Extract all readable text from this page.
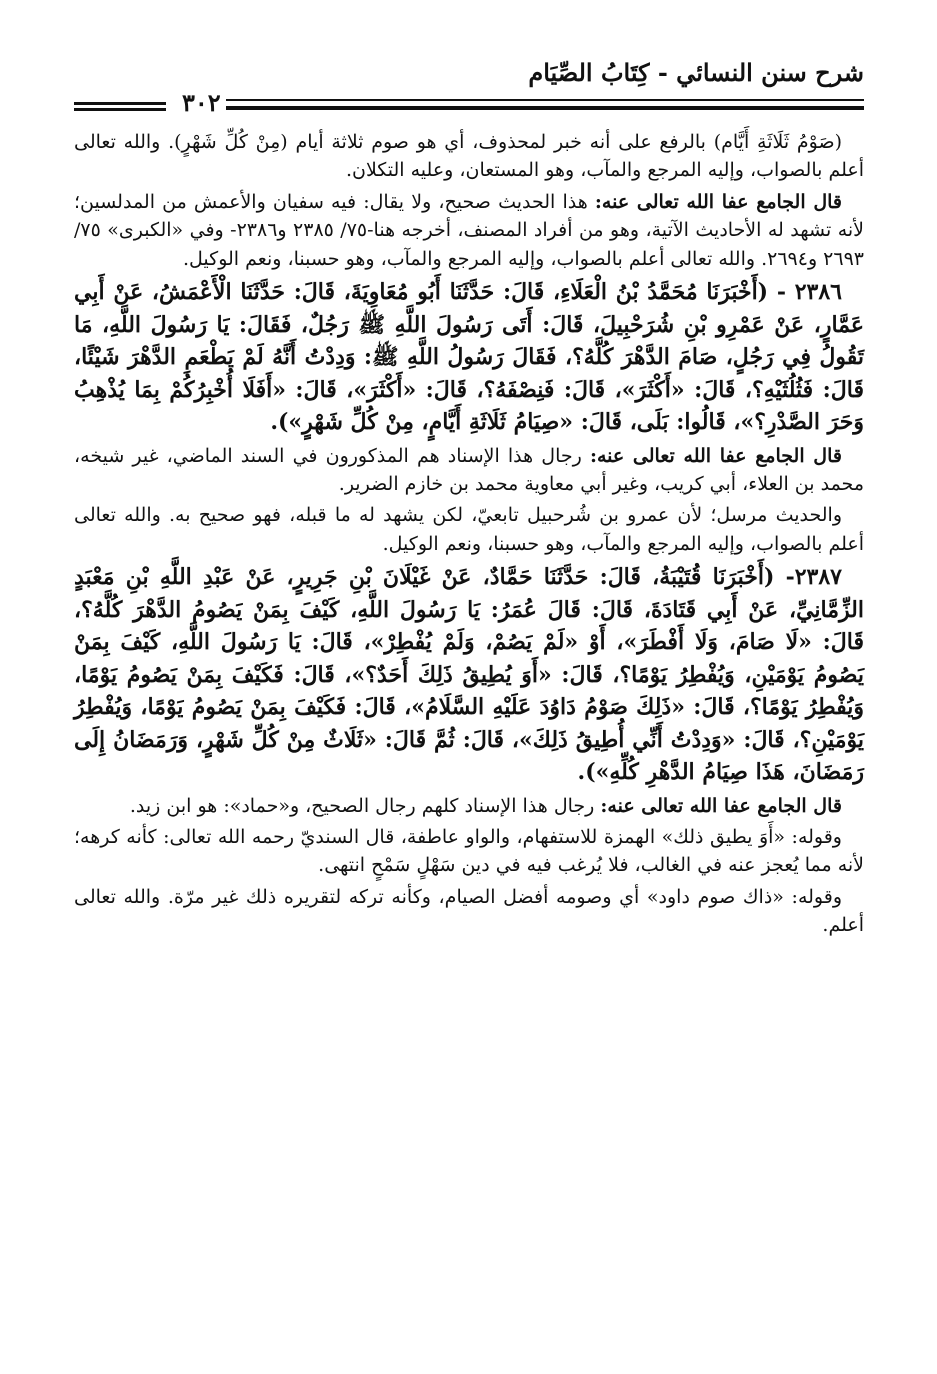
شرح سنن النسائي - كِتَابُ الصِّيَام
٣٠٢

(صَوْمُ ثَلَاثَةِ أَيَّام) بالرفع على أنه خبر لمحذوف، أي هو صوم ثلاثة أيام (مِنْ كُلِّ شَهْرٍ). والله تعالى أعلم بالصواب، وإليه المرجع والمآب، وهو المستعان، وعليه التكلان.

قال الجامع عفا الله تعالى عنه: هذا الحديث صحيح، ولا يقال: فيه سفيان والأعمش من المدلسين؛ لأنه تشهد له الأحاديث الآتية، وهو من أفراد المصنف، أخرجه هنا-٧٥/ ٢٣٨٥ و٢٣٨٦- وفي «الكبرى» ٧٥/ ٢٦٩٣ و٢٦٩٤. والله تعالى أعلم بالصواب، وإليه المرجع والمآب، وهو حسبنا، ونعم الوكيل.

٢٣٨٦ - (أَخْبَرَنَا مُحَمَّدُ بْنُ الْعَلَاءِ، قَالَ: حَدَّثَنَا أَبُو مُعَاوِيَةَ، قَالَ: حَدَّثَنَا الْأَعْمَشُ، عَنْ أَبِي عَمَّارٍ، عَنْ عَمْرِو بْنِ شُرَحْبِيلَ، قَالَ: أَتَى رَسُولَ اللَّهِ ﷺ رَجُلٌ، فَقَالَ: يَا رَسُولَ اللَّهِ، مَا تَقُولُ فِي رَجُلٍ، صَامَ الدَّهْرَ كُلَّهُ؟، فَقَالَ رَسُولُ اللَّهِ ﷺ: وَدِدْتُ أَنَّهُ لَمْ يَطْعَمِ الدَّهْرَ شَيْئًا، قَالَ: فَثُلُثَيْهِ؟، قَالَ: «أَكْثَرَ»، قَالَ: فَنِصْفَهُ؟، قَالَ: «أَكْثَرَ»، قَالَ: «أَفَلَا أُخْبِرُكُمْ بِمَا يُذْهِبُ وَحَرَ الصَّدْرِ؟»، قَالُوا: بَلَى، قَالَ: «صِيَامُ ثَلَاثَةِ أَيَّامٍ، مِنْ كُلِّ شَهْرٍ»).

قال الجامع عفا الله تعالى عنه: رجال هذا الإسناد هم المذكورون في السند الماضي، غير شيخه، محمد بن العلاء، أبي كريب، وغير أبي معاوية محمد بن خازم الضرير.

والحديث مرسل؛ لأن عمرو بن شُرحبيل تابعيّ، لكن يشهد له ما قبله، فهو صحيح به. والله تعالى أعلم بالصواب، وإليه المرجع والمآب، وهو حسبنا، ونعم الوكيل.

٢٣٨٧- (أَخْبَرَنَا قُتَيْبَةُ، قَالَ: حَدَّثَنَا حَمَّادٌ، عَنْ غَيْلَانَ بْنِ جَرِيرٍ، عَنْ عَبْدِ اللَّهِ بْنِ مَعْبَدٍ الزِّمَّانِيِّ، عَنْ أَبِي قَتَادَةَ، قَالَ: قَالَ عُمَرُ: يَا رَسُولَ اللَّهِ، كَيْفَ بِمَنْ يَصُومُ الدَّهْرَ كُلَّهُ؟، قَالَ: «لَا صَامَ، وَلَا أَفْطَرَ»، أَوْ «لَمْ يَصُمْ، وَلَمْ يُفْطِرْ»، قَالَ: يَا رَسُولَ اللَّهِ، كَيْفَ بِمَنْ يَصُومُ يَوْمَيْنِ، وَيُفْطِرُ يَوْمًا؟، قَالَ: «أَوَ يُطِيقُ ذَلِكَ أَحَدٌ؟»، قَالَ: فَكَيْفَ بِمَنْ يَصُومُ يَوْمًا، وَيُفْطِرُ يَوْمًا؟، قَالَ: «ذَلِكَ صَوْمُ دَاوُدَ عَلَيْهِ السَّلَامُ»، قَالَ: فَكَيْفَ بِمَنْ يَصُومُ يَوْمًا، وَيُفْطِرُ يَوْمَيْنِ؟، قَالَ: «وَدِدْتُ أَنِّي أُطِيقُ ذَلِكَ»، قَالَ: ثُمَّ قَالَ: «ثَلَاثٌ مِنْ كُلِّ شَهْرٍ، وَرَمَضَانُ إِلَى رَمَضَانَ، هَذَا صِيَامُ الدَّهْرِ كُلِّهِ»).

قال الجامع عفا الله تعالى عنه: رجال هذا الإسناد كلهم رجال الصحيح، و«حماد»: هو ابن زيد.

وقوله: «أَوَ يطيق ذلك» الهمزة للاستفهام، والواو عاطفة، قال السنديّ رحمه الله تعالى: كأنه كرهه؛ لأنه مما يُعجز عنه في الغالب، فلا يُرغب فيه في دين سَهْلٍ سَمْحٍ انتهى.

وقوله: «ذاك صوم داود» أي وصومه أفضل الصيام، وكأنه تركه لتقريره ذلك غير مرّة. والله تعالى أعلم.
